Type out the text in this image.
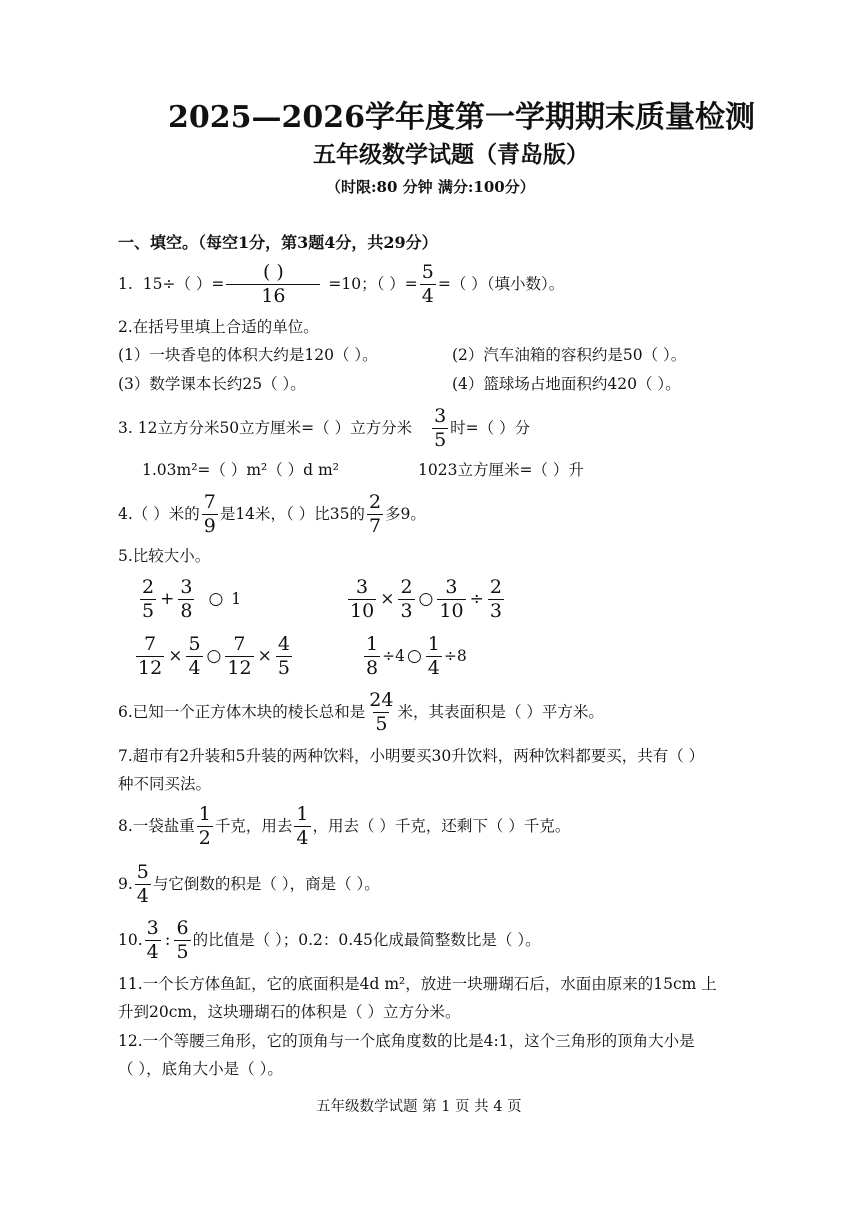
2025—2026学年度第一学期期末质量检测
五年级数学试题（青岛版）
（时限:80 分钟 满分:100分）
一、填空。（每空1分，第3题4分，共29分）
1. 15÷（ ）= $\frac{( )}{16} =10$；（ ）= $\frac{5}{4}$ =（ ）（填小数）。
2.在括号里填上合适的单位。
(1）一块香皂的体积大约是120（ ）。	(2）汽车油箱的容积约是50（ ）。
(3）数学课本长约25（ ）。	(4）篮球场占地面积约420（ ）。
3. 12立方分米50立方厘米=（ ）立方分米 $\frac{3}{5}$ 时=（ ）分
1.03m²=（ ）m²（ ）d m²	1023立方厘米=（ ）升
4.（ ）米的 $\frac{7}{9}$ 是14米，（ ）比35的 $\frac{2}{7}$ 多9。
5.比较大小。
$\frac{2}{5} + \frac{3}{8}$ ○ 1	$\frac{3}{10} \times \frac{2}{3}$ ○ $\frac{3}{10} \div \frac{2}{3}$
$\frac{7}{12} \times \frac{5}{4}$ ○ $\frac{7}{12} \times \frac{4}{5}$	$\frac{1}{8} \div 4$ ○ $\frac{1}{4} \div 8$
6.已知一个正方体木块的棱长总和是 $\frac{24}{5}$ 米，其表面积是（ ）平方米。
7.超市有2升装和5升装的两种饮料，小明要买30升饮料，两种饮料都要买，共有（ ）
种不同买法。
8.一袋盐重 $\frac{1}{2}$ 千克，用去 $\frac{1}{4}$ ，用去（ ）千克，还剩下（ ）千克。
9. $\frac{5}{4}$ 与它倒数的积是（ ），商是（ ）。
10. $\frac{3}{4}$ : $\frac{6}{5}$ 的比值是（ ）；0.2：0.45化成最简整数比是（ ）。
11.一个长方体鱼缸，它的底面积是4d m²，放进一块珊瑚石后，水面由原来的15cm 上
升到20cm，这块珊瑚石的体积是（ ）立方分米。
12.一个等腰三角形，它的顶角与一个底角度数的比是4:1，这个三角形的顶角大小是
（ ），底角大小是（ ）。
五年级数学试题 第 1 页 共 4 页
